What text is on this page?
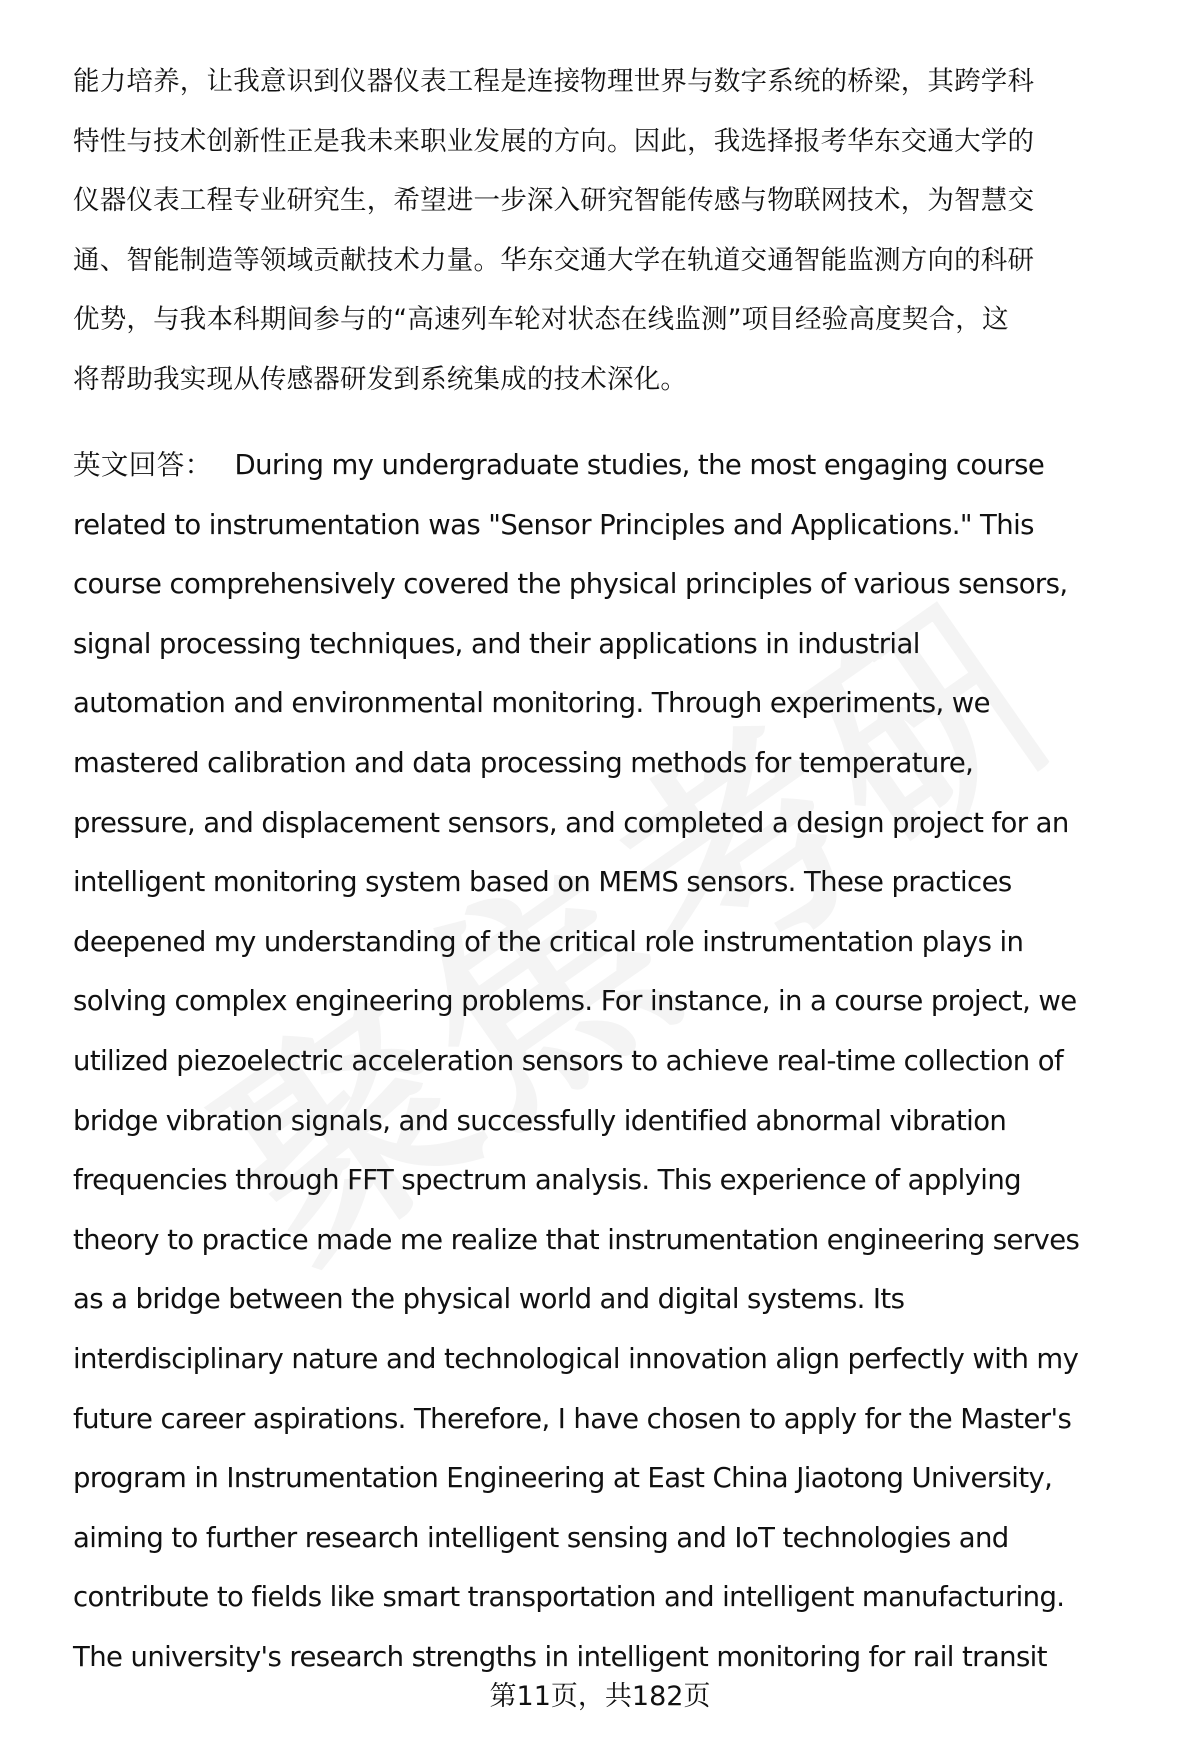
能力培养，让我意识到仪器仪表工程是连接物理世界与数字系统的桥梁，其跨学科
特性与技术创新性正是我未来职业发展的方向。因此，我选择报考华东交通大学的
仪器仪表工程专业研究生，希望进一步深入研究智能传感与物联网技术，为智慧交
通、智能制造等领域贡献技术力量。华东交通大学在轨道交通智能监测方向的科研
优势，与我本科期间参与的“高速列车轮对状态在线监测”项目经验高度契合，这
将帮助我实现从传感器研发到系统集成的技术深化。
英文回答： During my undergraduate studies, the most engaging course
related to instrumentation was "Sensor Principles and Applications." This
course comprehensively covered the physical principles of various sensors,
signal processing techniques, and their applications in industrial
automation and environmental monitoring. Through experiments, we
mastered calibration and data processing methods for temperature,
pressure, and displacement sensors, and completed a design project for an
intelligent monitoring system based on MEMS sensors. These practices
deepened my understanding of the critical role instrumentation plays in
solving complex engineering problems. For instance, in a course project, we
utilized piezoelectric acceleration sensors to achieve real-time collection of
bridge vibration signals, and successfully identified abnormal vibration
frequencies through FFT spectrum analysis. This experience of applying
theory to practice made me realize that instrumentation engineering serves
as a bridge between the physical world and digital systems. Its
interdisciplinary nature and technological innovation align perfectly with my
future career aspirations. Therefore, I have chosen to apply for the Master's
program in Instrumentation Engineering at East China Jiaotong University,
aiming to further research intelligent sensing and IoT technologies and
contribute to fields like smart transportation and intelligent manufacturing.
The university's research strengths in intelligent monitoring for rail transit
第11页，共182页
